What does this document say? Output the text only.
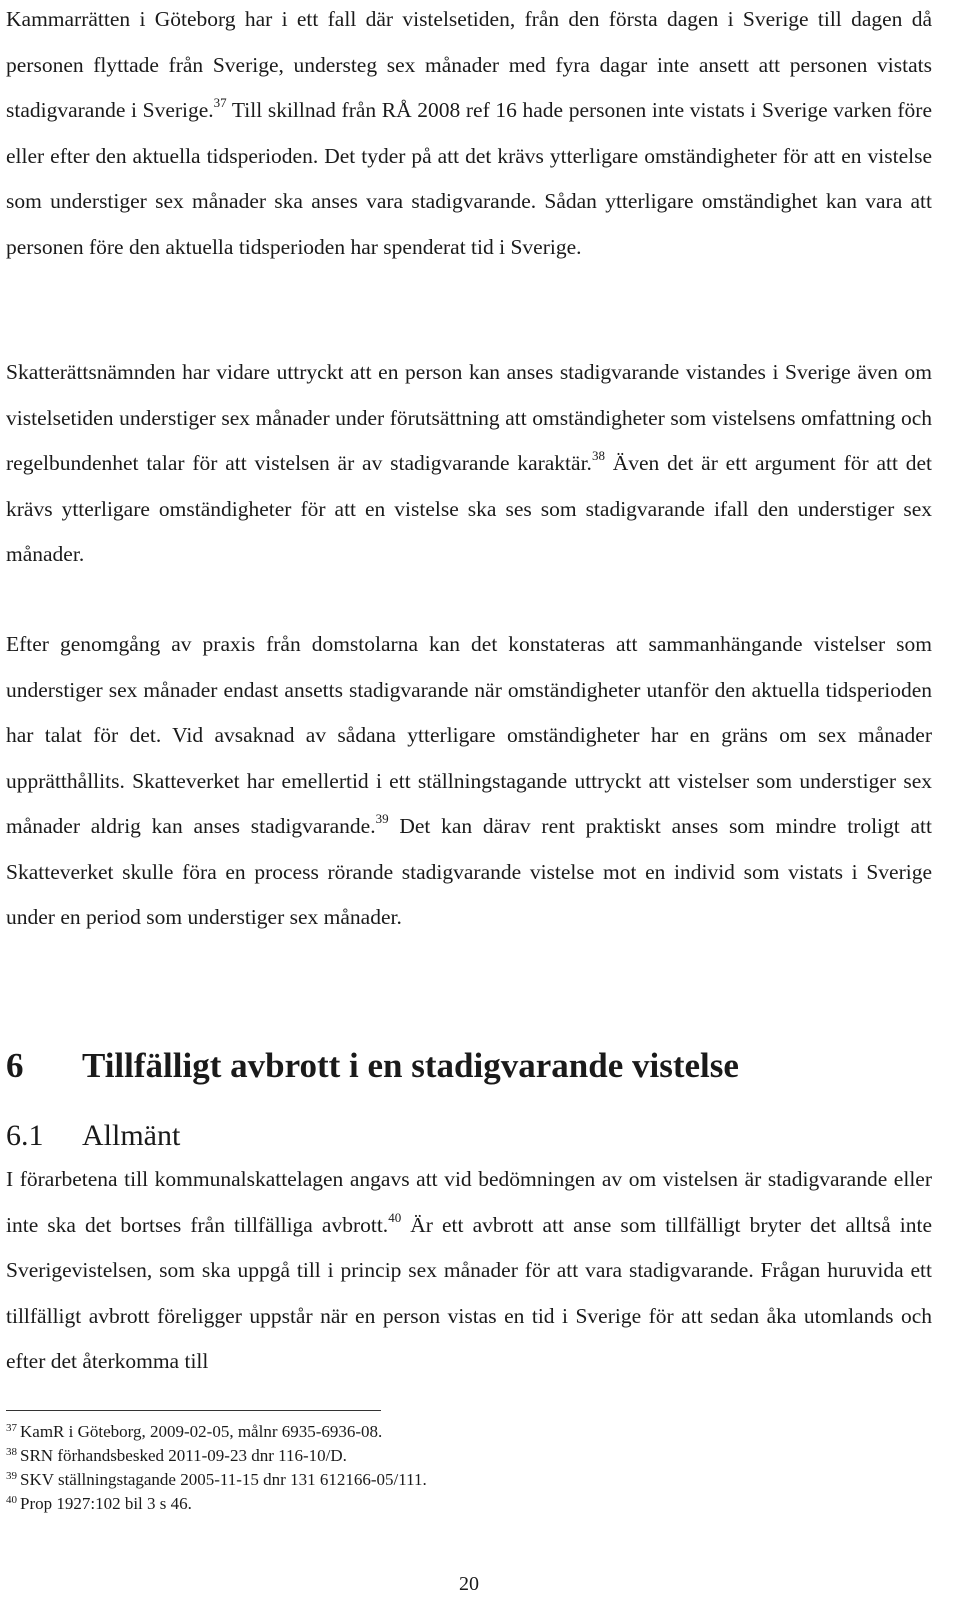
Kammarrätten i Göteborg har i ett fall där vistelsetiden, från den första dagen i Sverige till dagen då personen flyttade från Sverige, understeg sex månader med fyra dagar inte ansett att personen vistats stadigvarande i Sverige.$^{37}$ Till skillnad från RÅ 2008 ref 16 hade personen inte vistats i Sverige varken före eller efter den aktuella tidsperioden. Det tyder på att det krävs ytterligare omständigheter för att en vistelse som understiger sex månader ska anses vara stadigvarande. Sådan ytterligare omständighet kan vara att personen före den aktuella tidsperioden har spenderat tid i Sverige.

Skatterättsnämnden har vidare uttryckt att en person kan anses stadigvarande vistandes i Sverige även om vistelsetiden understiger sex månader under förutsättning att omständigheter som vistelsens omfattning och regelbundenhet talar för att vistelsen är av stadigvarande karaktär.$^{38}$ Även det är ett argument för att det krävs ytterligare omständigheter för att en vistelse ska ses som stadigvarande ifall den understiger sex månader.

Efter genomgång av praxis från domstolarna kan det konstateras att sammanhängande vistelser som understiger sex månader endast ansetts stadigvarande när omständigheter utanför den aktuella tidsperioden har talat för det. Vid avsaknad av sådana ytterligare omständigheter har en gräns om sex månader upprätthållits. Skatteverket har emellertid i ett ställningstagande uttryckt att vistelser som understiger sex månader aldrig kan anses stadigvarande.$^{39}$ Det kan därav rent praktiskt anses som mindre troligt att Skatteverket skulle föra en process rörande stadigvarande vistelse mot en individ som vistats i Sverige under en period som understiger sex månader.

6 Tillfälligt avbrott i en stadigvarande vistelse
6.1 Allmänt

I förarbetena till kommunalskattelagen angavs att vid bedömningen av om vistelsen är stadigvarande eller inte ska det bortses från tillfälliga avbrott.$^{40}$ Är ett avbrott att anse som tillfälligt bryter det alltså inte Sverigevistelsen, som ska uppgå till i princip sex månader för att vara stadigvarande. Frågan huruvida ett tillfälligt avbrott föreligger uppstår när en person vistas en tid i Sverige för att sedan åka utomlands och efter det återkomma till

$^{37}$ KamR i Göteborg, 2009-02-05, målnr 6935-6936-08.

$^{38}$ SRN förhandsbesked 2011-09-23 dnr 116-10/D.

$^{39}$ SKV ställningstagande 2005-11-15 dnr 131 612166-05/111.

$^{40}$ Prop 1927:102 bil 3 s 46.

20
